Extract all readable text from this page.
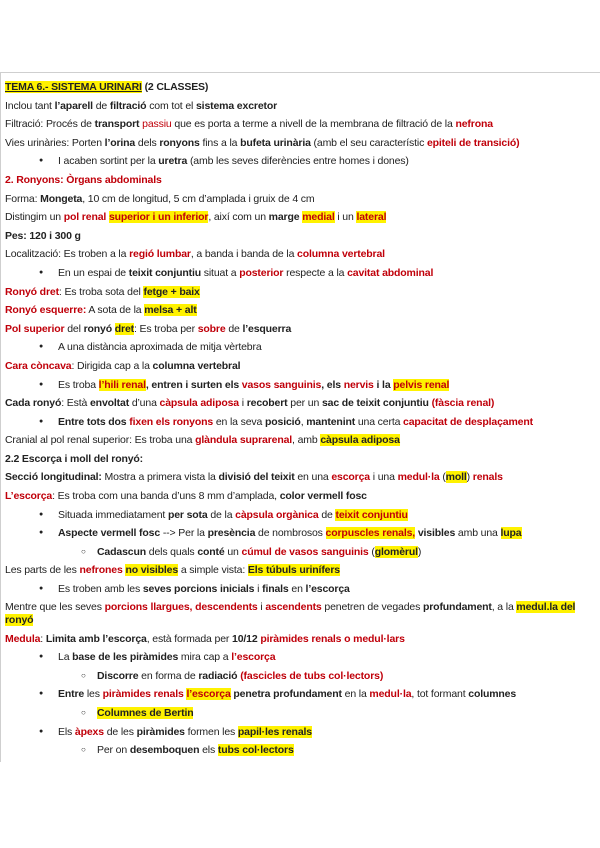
TEMA 6.- SISTEMA URINARI (2 CLASSES)
Inclou tant l’aparell de filtració com tot el sistema excretor
Filtració: Procés de transport passiu que es porta a terme a nivell de la membrana de filtració de la nefrona
Vies urinàries: Porten l’orina dels ronyons fins a la bufeta urinària (amb el seu característic epiteli de transició)
● I acaben sortint per la uretra (amb les seves diferències entre homes i dones)
2. Ronyons: Òrgans abdominals
Forma: Mongeta, 10 cm de longitud, 5 cm d’amplada i gruix de 4 cm
Distingim un pol renal superior i un inferior, així com un marge medial i un lateral
Pes: 120 i 300 g
Localització: Es troben a la regió lumbar, a banda i banda de la columna vertebral
● En un espai de teixit conjuntiu situat a posterior respecte a la cavitat abdominal
Ronyó dret: Es troba sota del fetge + baix
Ronyó esquerre: A sota de la melsa + alt
Pol superior del ronyó dret: Es troba per sobre de l’esquerra
● A una distància aproximada de mitja vèrtebra
Cara còncava: Dirigida cap a la columna vertebral
● Es troba l’hili renal, entren i surten els vasos sanguinis, els nervis i la pelvis renal
Cada ronyó: Està envoltat d’una càpsula adiposa i recobert per un sac de teixit conjuntiu (fàscia renal)
● Entre tots dos fixen els ronyons en la seva posició, mantenint una certa capacitat de desplaçament
Cranial al pol renal superior: Es troba una glàndula suprarenal, amb càpsula adiposa
2.2 Escorça i moll del ronyó:
Secció longitudinal: Mostra a primera vista la divisió del teixit en una escorça i una medul·la (moll) renals
L’escorça: Es troba com una banda d’uns 8 mm d’amplada, color vermell fosc
● Situada immediatament per sota de la càpsula orgànica de teixit conjuntiu
● Aspecte vermell fosc --> Per la presència de nombrosos corpuscles renals, visibles amb una lupa
○ Cadascun dels quals conté un cúmul de vasos sanguinis (glomèrul)
Les parts de les nefrones no visibles a simple vista: Els túbuls urinífers
● Es troben amb les seves porcions inicials i finals en l’escorça
Mentre que les seves porcions llargues, descendents i ascendents penetren de vegades profundament, a la medul.la del ronyó
Medula: Limita amb l’escorça, està formada per 10/12 piràmides renals o medul·lars
● La base de les piràmides mira cap a l’escorça
○ Discorre en forma de radiació (fascicles de tubs col·lectors)
● Entre les piràmides renals l’escorça penetra profundament en la medul·la, tot formant columnes
○ Columnes de Bertin
● Els àpexs de les piràmides formen les papil·les renals
○ Per on desemboquen els tubs col·lectors
